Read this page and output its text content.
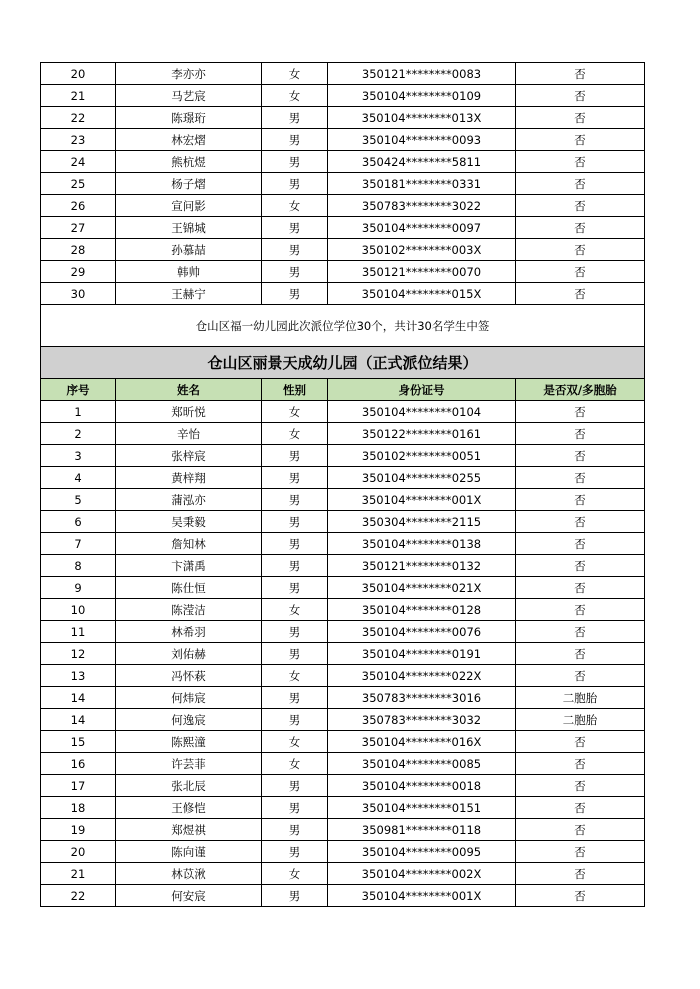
20	李亦亦	女	350121********0083	否
21	马艺宸	女	350104********0109	否
22	陈璟珩	男	350104********013X	否
23	林宏熠	男	350104********0093	否
24	熊杭煜	男	350424********5811	否
25	杨子熠	男	350181********0331	否
26	宣问影	女	350783********3022	否
27	王锦城	男	350104********0097	否
28	孙慕喆	男	350102********003X	否
29	韩帅	男	350121********0070	否
30	王赫宁	男	350104********015X	否
仓山区福一幼儿园此次派位学位30个，共计30名学生中签				
仓山区丽景天成幼儿园（正式派位结果）				
序号	姓名	性别	身份证号	是否双/多胞胎
1	郑昕悦	女	350104********0104	否
2	辛怡	女	350122********0161	否
3	张梓宸	男	350102********0051	否
4	黄梓翔	男	350104********0255	否
5	蒲泓亦	男	350104********001X	否
6	吴秉毅	男	350304********2115	否
7	詹知林	男	350104********0138	否
8	卞潇禹	男	350121********0132	否
9	陈仕恒	男	350104********021X	否
10	陈滢洁	女	350104********0128	否
11	林希羽	男	350104********0076	否
12	刘佑赫	男	350104********0191	否
13	冯怀萩	女	350104********022X	否
14	何炜宸	男	350783********3016	二胞胎
14	何逸宸	男	350783********3032	二胞胎
15	陈熙潼	女	350104********016X	否
16	许芸菲	女	350104********0085	否
17	张北辰	男	350104********0018	否
18	王修恺	男	350104********0151	否
19	郑煜祺	男	350981********0118	否
20	陈向谨	男	350104********0095	否
21	林苡湫	女	350104********002X	否
22	何安宸	男	350104********001X	否
